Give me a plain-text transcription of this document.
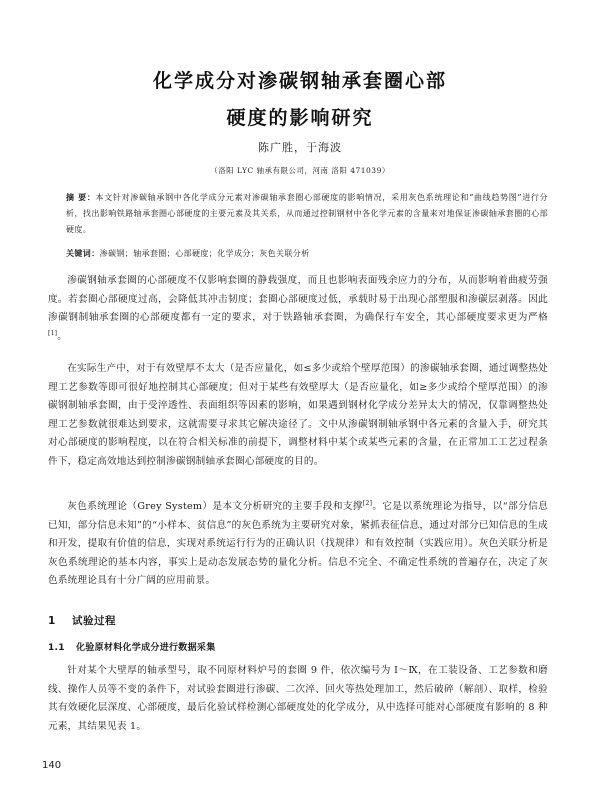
化学成分对渗碳钢轴承套圈心部
硬度的影响研究
陈广胜，于海波
（洛阳 LYC 轴承有限公司，河南 洛阳 471039）
摘 要：本文针对渗碳轴承钢中各化学成分元素对渗碳轴承套圈心部硬度的影响情况，采用灰色系统理论和“曲线趋势图”进行分析，找出影响铁路轴承套圈心部硬度的主要元素及其关系，从而通过控制钢材中各化学元素的含量来对地保证渗碳轴承套圈的心部硬度。
关键词：渗碳钢；轴承套圈；心部硬度；化学成分；灰色关联分析

渗碳钢轴承套圈的心部硬度不仅影响套圈的静载强度，而且也影响表面残余应力的分布，从而影响着曲疲劳强度。若套圈心部硬度过高，会降低其冲击韧度；套圈心部硬度过低，承载时易于出现心部塑服和渗碳层剥落。因此渗碳钢制轴承套圈的心部硬度都有一定的要求，对于铁路轴承套圈，为确保行车安全，其心部硬度要求更为严格[1]。

在实际生产中，对于有效壁厚不太大（是否应量化，如≤多少或给个壁厚范围）的渗碳轴承套圈，通过调整热处理工艺参数等即可很好地控制其心部硬度；但对于某些有效壁厚大（是否应量化，如≥多少或给个壁厚范围）的渗碳钢制轴承套圈，由于受淬透性、表面组织等因素的影响，如果遇到钢材化学成分差异太大的情况，仅靠调整热处理工艺参数就很难达到要求，这就需要寻求其它解决途径了。文中从渗碳钢制轴承钢中各元素的含量入手，研究其对心部硬度的影响程度，以在符合相关标准的前提下，调整材料中某个或某些元素的含量，在正常加工工艺过程条件下，稳定高效地达到控制渗碳钢制轴承套圈心部硬度的目的。

灰色系统理论（Grey System）是本文分析研究的主要手段和支撑[2]。它是以系统理论为指导，以“部分信息已知，部分信息未知”的“小样本、贫信息”的灰色系统为主要研究对象，紧抓表征信息，通过对部分已知信息的生成和开发，提取有价值的信息，实现对系统运行行为的正确认识（找规律）和有效控制（实践应用）。灰色关联分析是灰色系统理论的基本内容，事实上是动态发展态势的量化分析。信息不完全、不确定性系统的普遍存在，决定了灰色系统理论具有十分广阔的应用前景。

1 试验过程
1.1 化验原材料化学成分进行数据采集

针对某个大壁厚的轴承型号，取不同原材料炉号的套圈 9 件，依次编号为 Ⅰ～Ⅸ，在工装设备、工艺参数和磨线、操作人员等不变的条件下，对试验套圈进行渗碳、二次淬、回火等热处理加工，然后破碎（解剖）、取样，检验其有效硬化层深度、心部硬度，最后化验试样检测心部硬度处的化学成分，从中选择可能对心部硬度有影响的 8 种元素，其结果见表 1。

140
